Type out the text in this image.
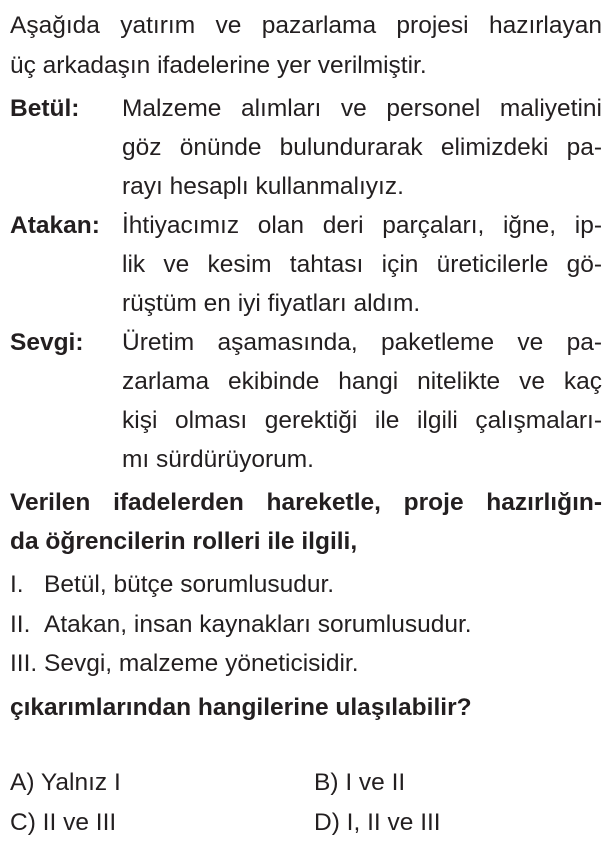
Aşağıda yatırım ve pazarlama projesi hazırlayan
üç arkadaşın ifadelerine yer verilmiştir.
Betül: Malzeme alımları ve personel maliyetini
göz önünde bulundurarak elimizdeki pa-
rayı hesaplı kullanmalıyız.
Atakan: İhtiyacımız olan deri parçaları, iğne, ip-
lik ve kesim tahtası için üreticilerle gö-
rüştüm en iyi fiyatları aldım.
Sevgi: Üretim aşamasında, paketleme ve pa-
zarlama ekibinde hangi nitelikte ve kaç
kişi olması gerektiği ile ilgili çalışmaları-
mı sürdürüyorum.
Verilen ifadelerden hareketle, proje hazırlığın-
da öğrencilerin rolleri ile ilgili,
I. Betül, bütçe sorumlusudur.
II. Atakan, insan kaynakları sorumlusudur.
III. Sevgi, malzeme yöneticisidir.
çıkarımlarından hangilerine ulaşılabilir?
A) Yalnız I	B) I ve II
C) II ve III	D) I, II ve III
